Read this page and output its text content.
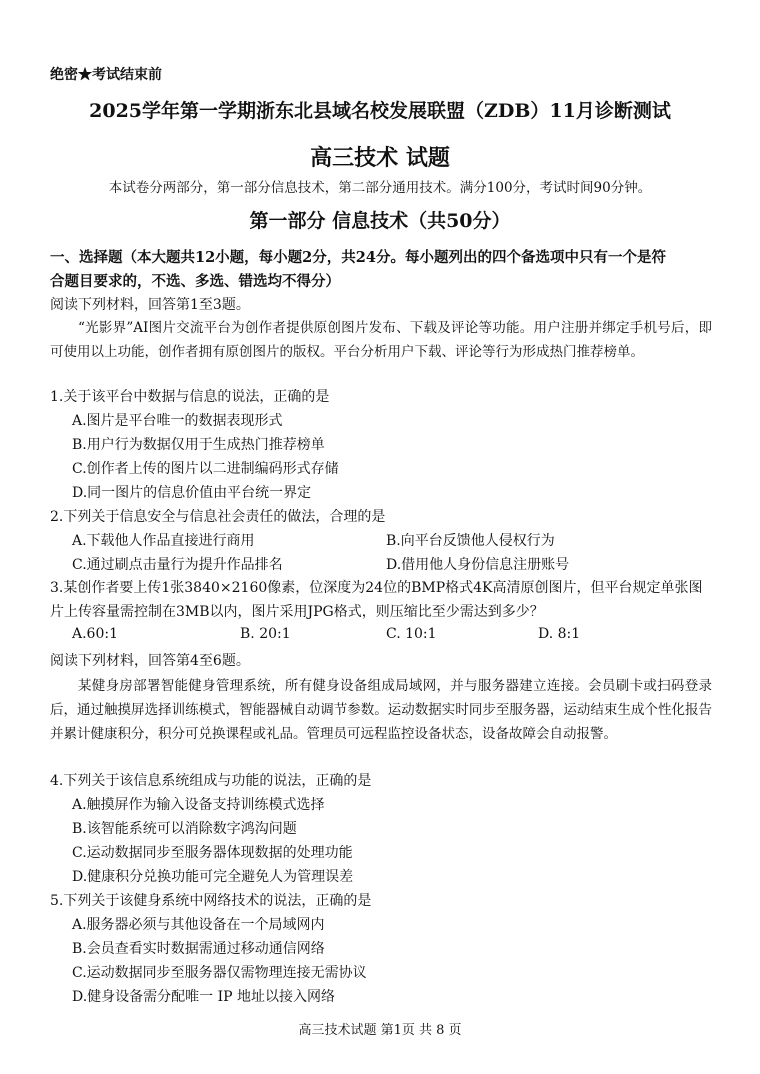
绝密★考试结束前
2025学年第一学期浙东北县域名校发展联盟（ZDB）11月诊断测试
高三技术 试题
本试卷分两部分，第一部分信息技术，第二部分通用技术。满分100分，考试时间90分钟。
第一部分 信息技术（共50分）
一、选择题（本大题共12小题，每小题2分，共24分。每小题列出的四个备选项中只有一个是符
合题目要求的，不选、多选、错选均不得分）
阅读下列材料，回答第1至3题。
“光影界”AI图片交流平台为创作者提供原创图片发布、下载及评论等功能。用户注册并绑定手机号后，即可使用以上功能，创作者拥有原创图片的版权。平台分析用户下载、评论等行为形成热门推荐榜单。
1.关于该平台中数据与信息的说法，正确的是
A.图片是平台唯一的数据表现形式
B.用户行为数据仅用于生成热门推荐榜单
C.创作者上传的图片以二进制编码形式存储
D.同一图片的信息价值由平台统一界定
2.下列关于信息安全与信息社会责任的做法，合理的是
A.下载他人作品直接进行商用	B.向平台反馈他人侵权行为
C.通过刷点击量行为提升作品排名	D.借用他人身份信息注册账号
3.某创作者要上传1张3840×2160像素，位深度为24位的BMP格式4K高清原创图片，但平台规定单张图片上传容量需控制在3MB以内，图片采用JPG格式，则压缩比至少需达到多少？
A.60:1	B. 20:1	C. 10:1	D. 8:1
阅读下列材料，回答第4至6题。
某健身房部署智能健身管理系统，所有健身设备组成局域网，并与服务器建立连接。会员刷卡或扫码登录后，通过触摸屏选择训练模式，智能器械自动调节参数。运动数据实时同步至服务器，运动结束生成个性化报告并累计健康积分，积分可兑换课程或礼品。管理员可远程监控设备状态，设备故障会自动报警。
4.下列关于该信息系统组成与功能的说法，正确的是
A.触摸屏作为输入设备支持训练模式选择
B.该智能系统可以消除数字鸿沟问题
C.运动数据同步至服务器体现数据的处理功能
D.健康积分兑换功能可完全避免人为管理误差
5.下列关于该健身系统中网络技术的说法，正确的是
A.服务器必须与其他设备在一个局域网内
B.会员查看实时数据需通过移动通信网络
C.运动数据同步至服务器仅需物理连接无需协议
D.健身设备需分配唯一 IP 地址以接入网络
高三技术试题 第1页 共 8 页
